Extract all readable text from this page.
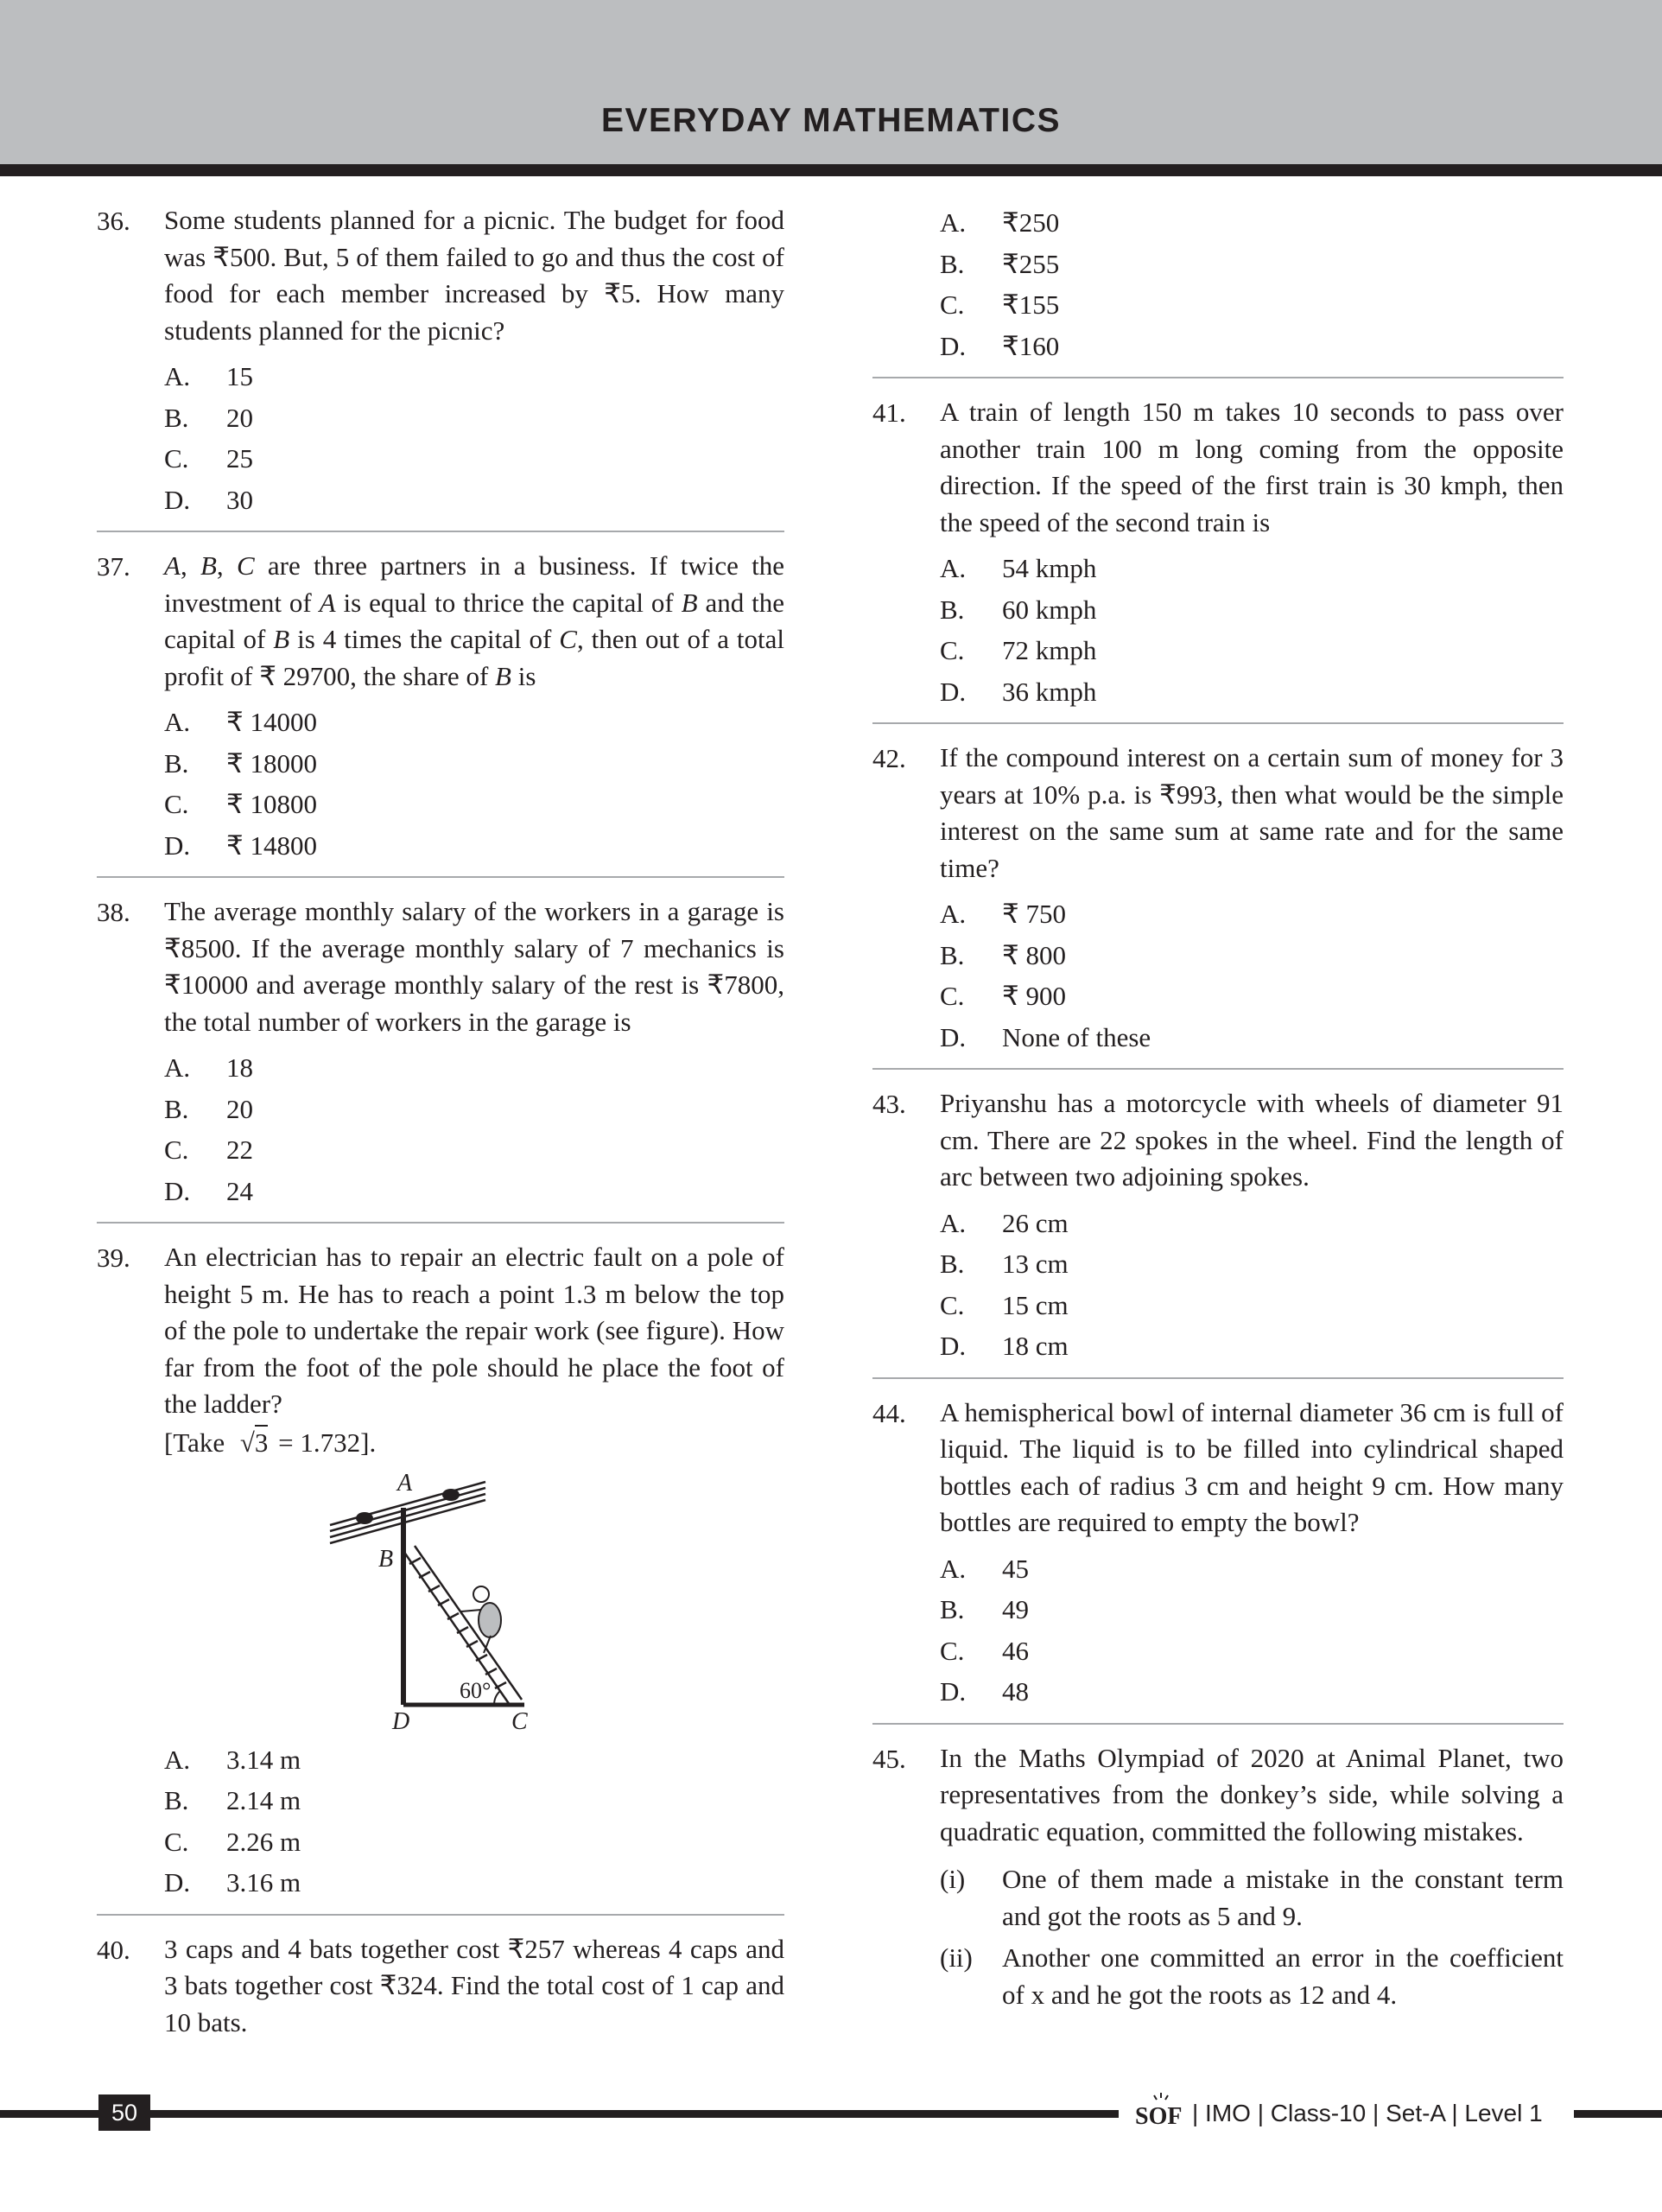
EVERYDAY MATHEMATICS
36. Some students planned for a picnic. The budget for food was ₹500. But, 5 of them failed to go and thus the cost of food for each member increased by ₹5. How many students planned for the picnic?
A. 15
B. 20
C. 25
D. 30
37. A, B, C are three partners in a business. If twice the investment of A is equal to thrice the capital of B and the capital of B is 4 times the capital of C, then out of a total profit of ₹ 29700, the share of B is
A. ₹ 14000
B. ₹ 18000
C. ₹ 10800
D. ₹ 14800
38. The average monthly salary of the workers in a garage is ₹8500. If the average monthly salary of 7 mechanics is ₹10000 and average monthly salary of the rest is ₹7800, the total number of workers in the garage is
A. 18
B. 20
C. 22
D. 24
39. An electrician has to repair an electric fault on a pole of height 5 m. He has to reach a point 1.3 m below the top of the pole to undertake the repair work (see figure). How far from the foot of the pole should he place the foot of the ladder?
[Take √3 = 1.732].
A
B
D	C
60°
A. 3.14 m
B. 2.14 m
C. 2.26 m
D. 3.16 m
40. 3 caps and 4 bats together cost ₹257 whereas 4 caps and 3 bats together cost ₹324. Find the total cost of 1 cap and 10 bats.
A. ₹250
B. ₹255
C. ₹155
D. ₹160
41. A train of length 150 m takes 10 seconds to pass over another train 100 m long coming from the opposite direction. If the speed of the first train is 30 kmph, then the speed of the second train is
A. 54 kmph
B. 60 kmph
C. 72 kmph
D. 36 kmph
42. If the compound interest on a certain sum of money for 3 years at 10% p.a. is ₹993, then what would be the simple interest on the same sum at same rate and for the same time?
A. ₹ 750
B. ₹ 800
C. ₹ 900
D. None of these
43. Priyanshu has a motorcycle with wheels of diameter 91 cm. There are 22 spokes in the wheel. Find the length of arc between two adjoining spokes.
A. 26 cm
B. 13 cm
C. 15 cm
D. 18 cm
44. A hemispherical bowl of internal diameter 36 cm is full of liquid. The liquid is to be filled into cylindrical shaped bottles each of radius 3 cm and height 9 cm. How many bottles are required to empty the bowl?
A. 45
B. 49
C. 46
D. 48
45. In the Maths Olympiad of 2020 at Animal Planet, two representatives from the donkey’s side, while solving a quadratic equation, committed the following mistakes.
(i) One of them made a mistake in the constant term and got the roots as 5 and 9.
(ii) Another one committed an error in the coefficient of x and he got the roots as 12 and 4.
50	SOF | IMO | Class-10 | Set-A | Level 1
